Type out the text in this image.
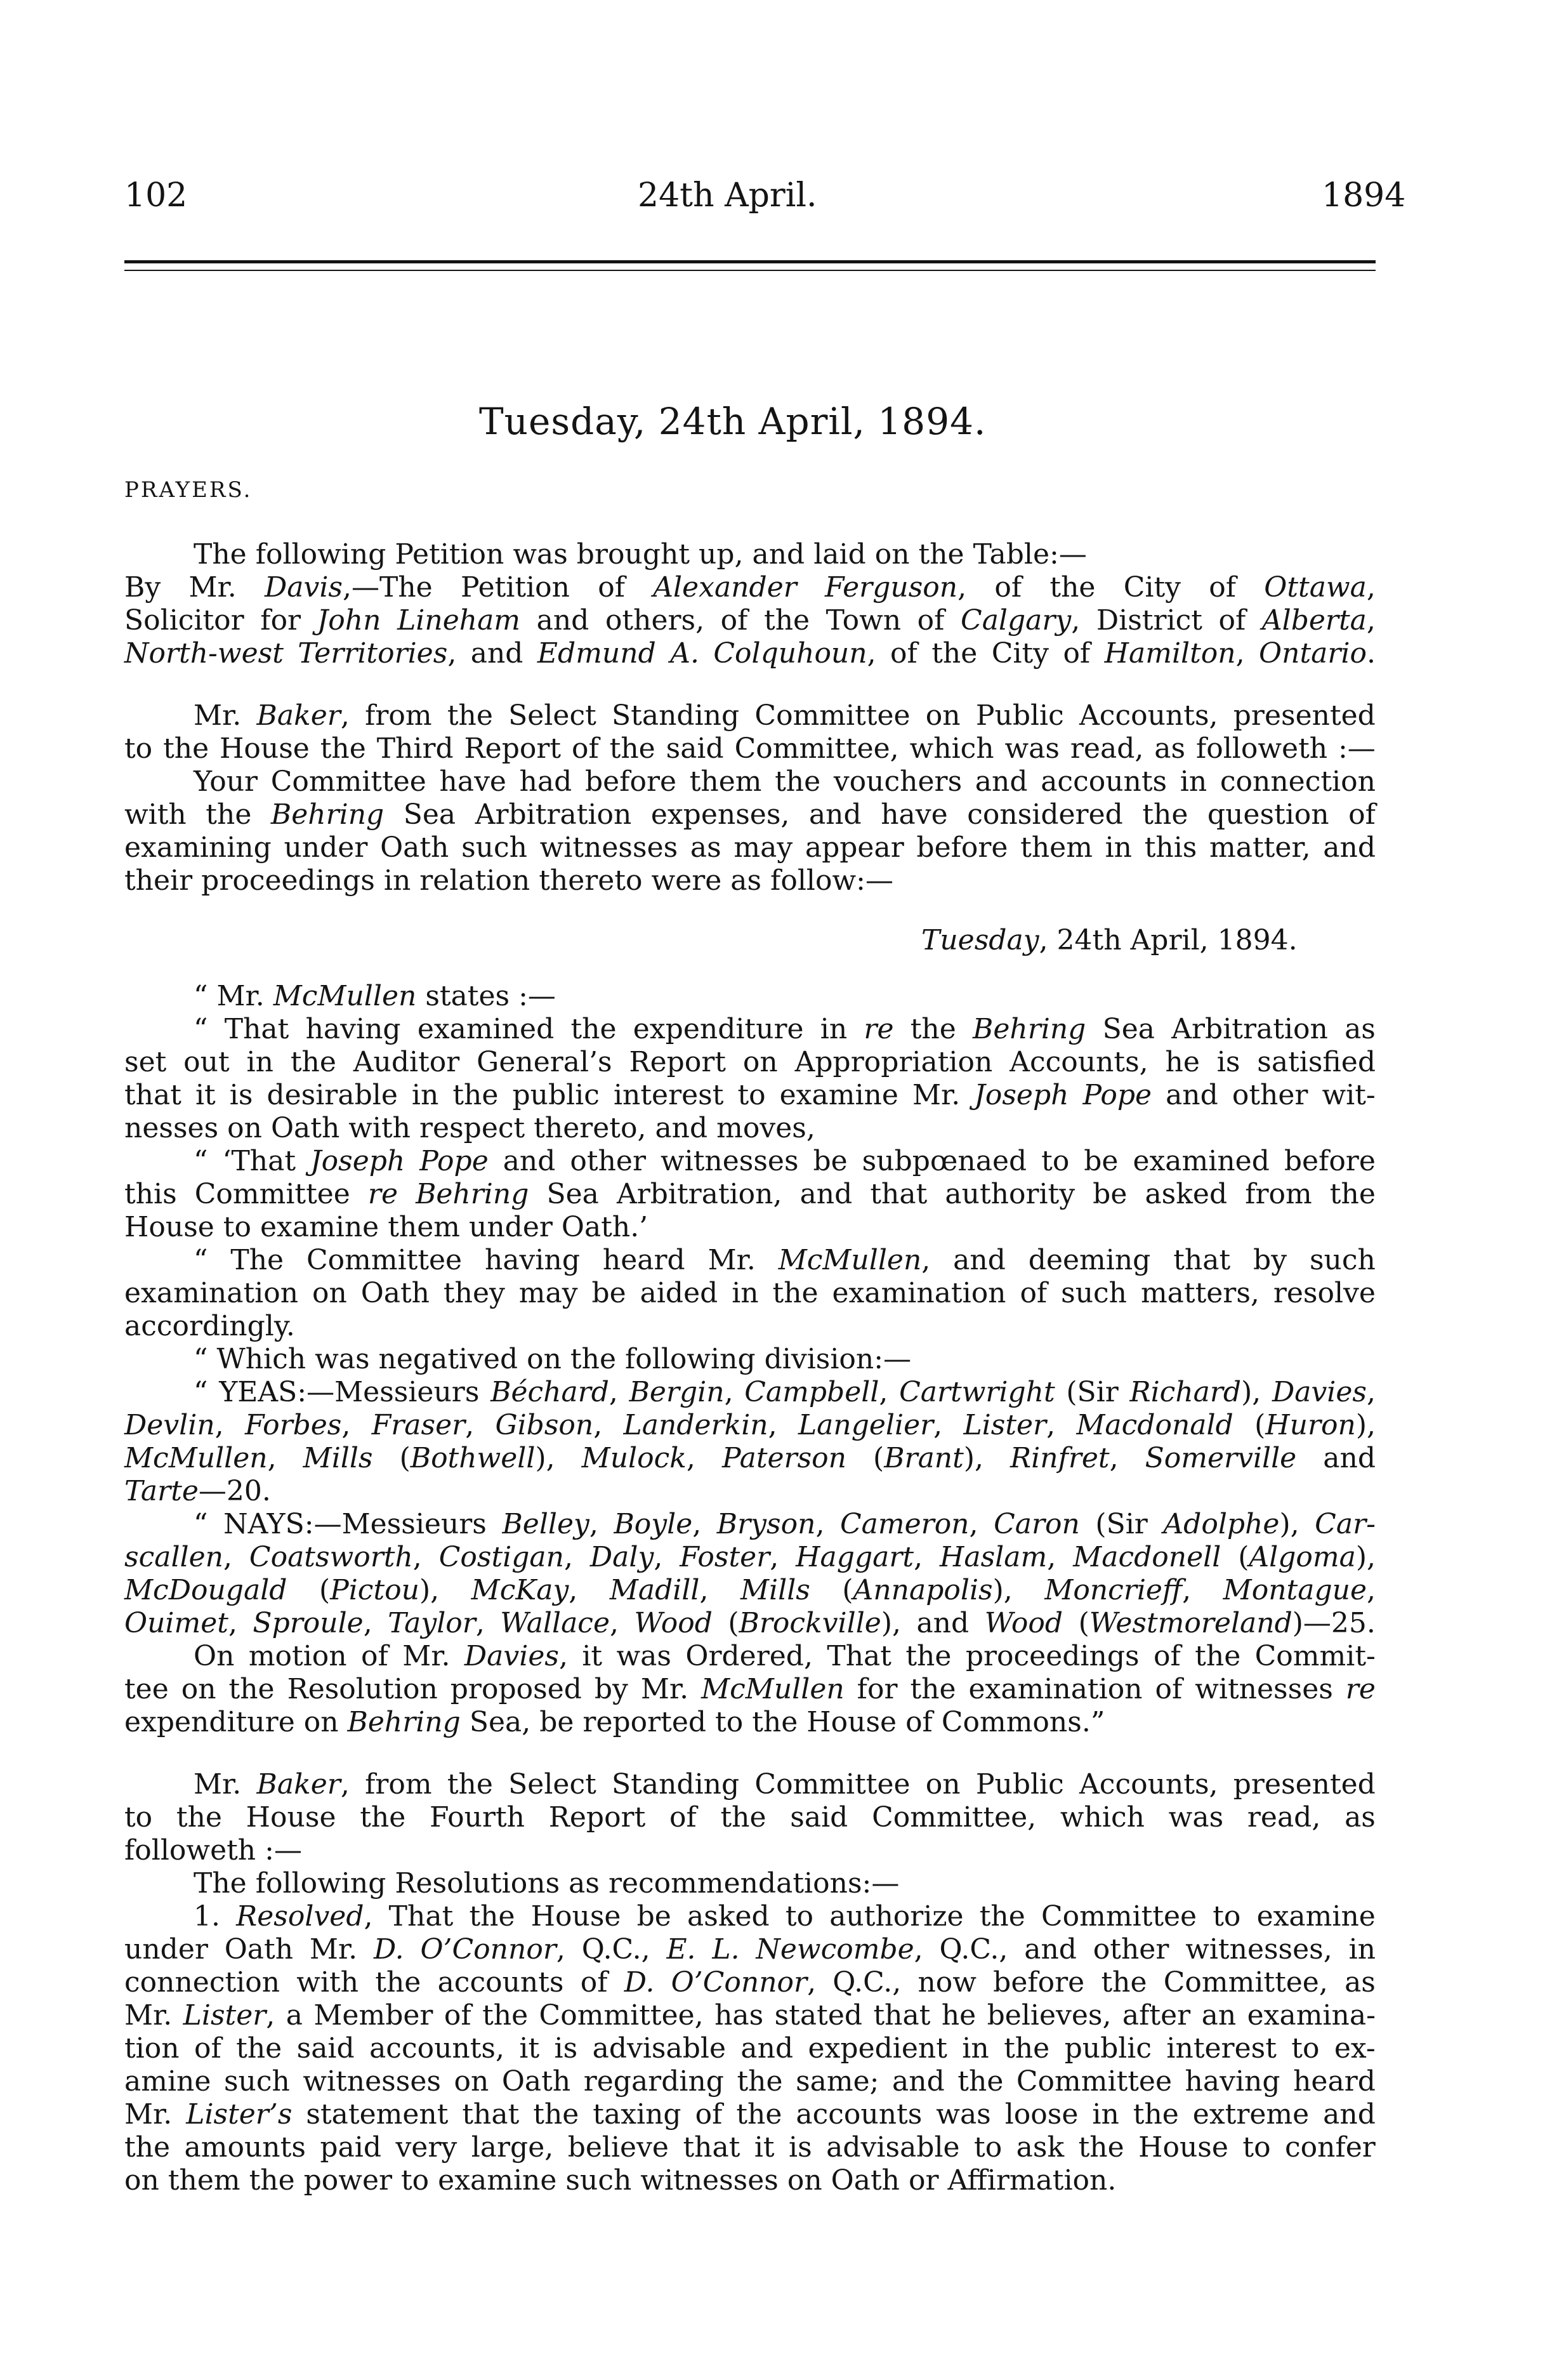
102	24th April.	1894
Tuesday, 24th April, 1894.
PRAYERS.
The following Petition was brought up, and laid on the Table:—
By Mr. Davis,—The Petition of Alexander Ferguson, of the City of Ottawa,
Solicitor for John Lineham and others, of the Town of Calgary, District of Alberta,
North-west Territories, and Edmund A. Colquhoun, of the City of Hamilton, Ontario.
Mr. Baker, from the Select Standing Committee on Public Accounts, presented
to the House the Third Report of the said Committee, which was read, as followeth :—
Your Committee have had before them the vouchers and accounts in connection
with the Behring Sea Arbitration expenses, and have considered the question of
examining under Oath such witnesses as may appear before them in this matter, and
their proceedings in relation thereto were as follow:—
Tuesday, 24th April, 1894.
“ Mr. McMullen states :—
“ That having examined the expenditure in re the Behring Sea Arbitration as
set out in the Auditor General’s Report on Appropriation Accounts, he is satisfied
that it is desirable in the public interest to examine Mr. Joseph Pope and other wit-
nesses on Oath with respect thereto, and moves,
“ ‘That Joseph Pope and other witnesses be subpœnaed to be examined before
this Committee re Behring Sea Arbitration, and that authority be asked from the
House to examine them under Oath.’
“ The Committee having heard Mr. McMullen, and deeming that by such
examination on Oath they may be aided in the examination of such matters, resolve
accordingly.
“ Which was negatived on the following division:—
“ YEAS:—Messieurs Béchard, Bergin, Campbell, Cartwright (Sir Richard), Davies,
Devlin, Forbes, Fraser, Gibson, Landerkin, Langelier, Lister, Macdonald (Huron),
McMullen, Mills (Bothwell), Mulock, Paterson (Brant), Rinfret, Somerville and
Tarte—20.
“ NAYS:—Messieurs Belley, Boyle, Bryson, Cameron, Caron (Sir Adolphe), Car-
scallen, Coatsworth, Costigan, Daly, Foster, Haggart, Haslam, Macdonell (Algoma),
McDougald (Pictou), McKay, Madill, Mills (Annapolis), Moncrieff, Montague,
Ouimet, Sproule, Taylor, Wallace, Wood (Brockville), and Wood (Westmoreland)—25.
On motion of Mr. Davies, it was Ordered, That the proceedings of the Commit-
tee on the Resolution proposed by Mr. McMullen for the examination of witnesses re
expenditure on Behring Sea, be reported to the House of Commons.”
Mr. Baker, from the Select Standing Committee on Public Accounts, presented
to the House the Fourth Report of the said Committee, which was read, as
followeth :—
The following Resolutions as recommendations:—
1. Resolved, That the House be asked to authorize the Committee to examine
under Oath Mr. D. O’Connor, Q.C., E. L. Newcombe, Q.C., and other witnesses, in
connection with the accounts of D. O’Connor, Q.C., now before the Committee, as
Mr. Lister, a Member of the Committee, has stated that he believes, after an examina-
tion of the said accounts, it is advisable and expedient in the public interest to ex-
amine such witnesses on Oath regarding the same; and the Committee having heard
Mr. Lister’s statement that the taxing of the accounts was loose in the extreme and
the amounts paid very large, believe that it is advisable to ask the House to confer
on them the power to examine such witnesses on Oath or Affirmation.
